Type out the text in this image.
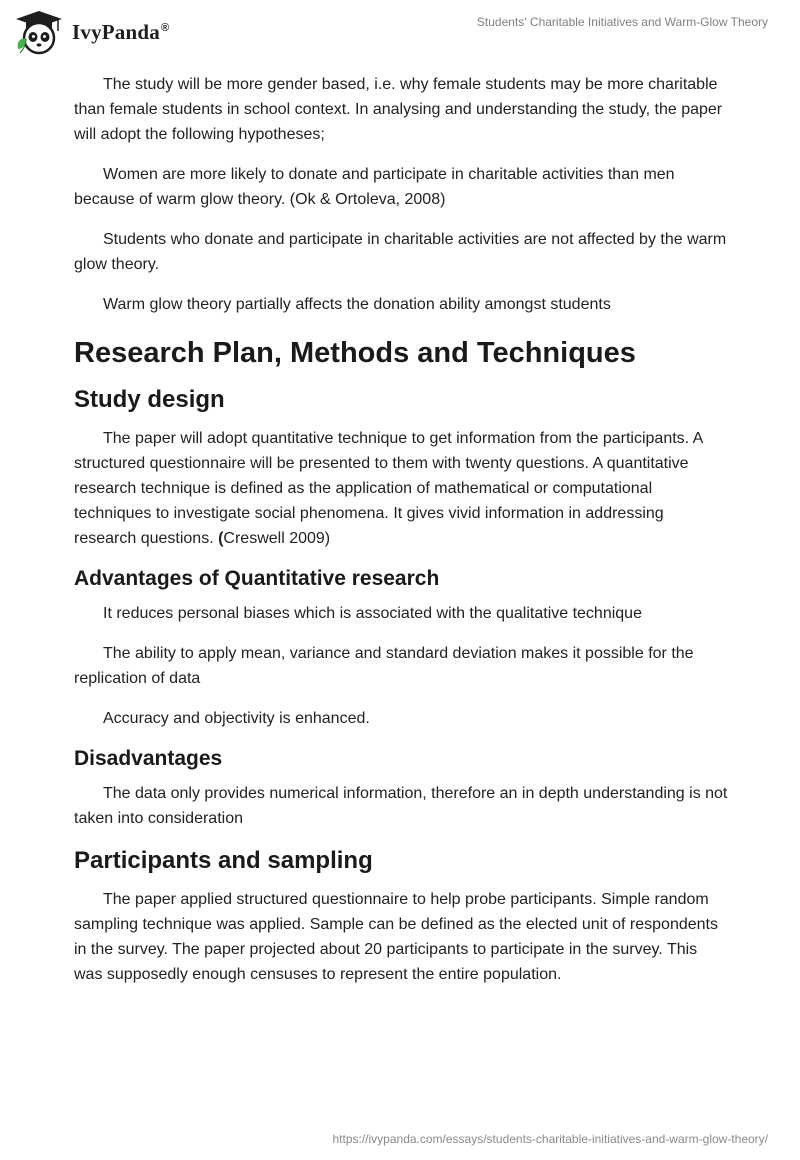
IvyPanda®	Students' Charitable Initiatives and Warm-Glow Theory

The study will be more gender based, i.e. why female students may be more charitable than female students in school context. In analysing and understanding the study, the paper will adopt the following hypotheses;

Women are more likely to donate and participate in charitable activities than men because of warm glow theory. (Ok & Ortoleva, 2008)

Students who donate and participate in charitable activities are not affected by the warm glow theory.

Warm glow theory partially affects the donation ability amongst students

Research Plan, Methods and Techniques
Study design

The paper will adopt quantitative technique to get information from the participants. A structured questionnaire will be presented to them with twenty questions. A quantitative research technique is defined as the application of mathematical or computational techniques to investigate social phenomena. It gives vivid information in addressing research questions. (Creswell 2009)

Advantages of Quantitative research

It reduces personal biases which is associated with the qualitative technique

The ability to apply mean, variance and standard deviation makes it possible for the replication of data

Accuracy and objectivity is enhanced.

Disadvantages

The data only provides numerical information, therefore an in depth understanding is not taken into consideration

Participants and sampling

The paper applied structured questionnaire to help probe participants. Simple random sampling technique was applied. Sample can be defined as the elected unit of respondents in the survey. The paper projected about 20 participants to participate in the survey. This was supposedly enough censuses to represent the entire population.

https://ivypanda.com/essays/students-charitable-initiatives-and-warm-glow-theory/
